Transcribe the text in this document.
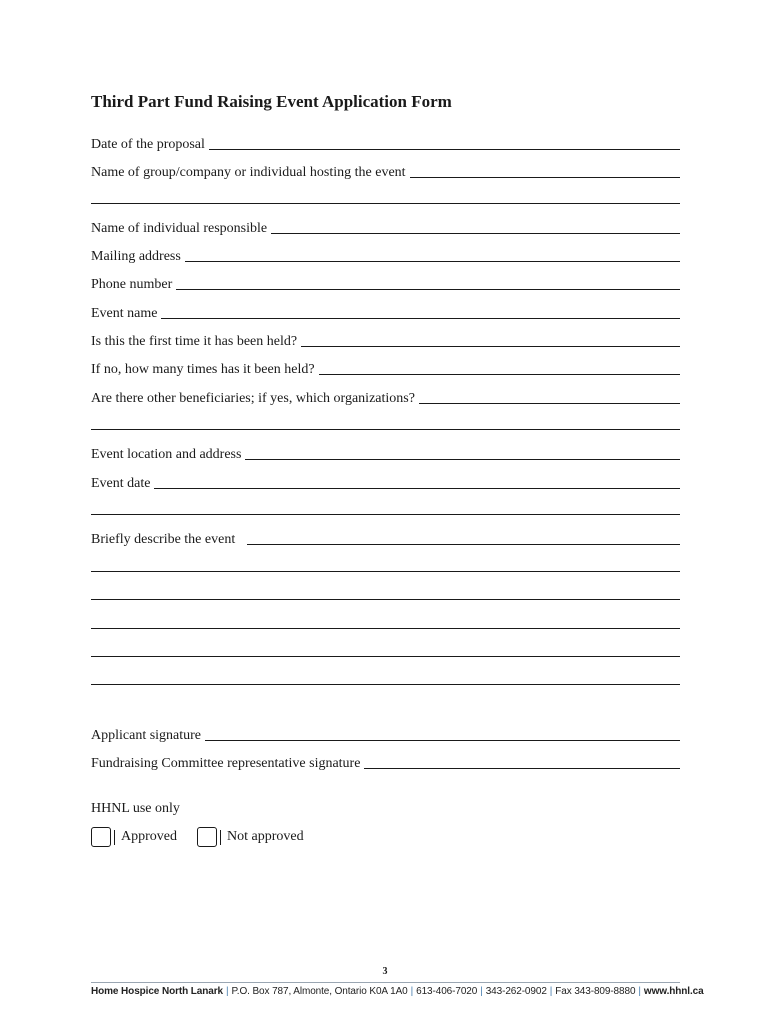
Third Part Fund Raising Event Application Form
Date of the proposal
Name of group/company or individual hosting the event
Name of individual responsible
Mailing address
Phone number
Event name
Is this the first time it has been held?
If no, how many times has it been held?
Are there other beneficiaries; if yes, which organizations?
Event location and address
Event date
Briefly describe the event
Applicant signature
Fundraising Committee representative signature
HHNL use only
Approved	Not approved
3
Home Hospice North Lanark | P.O. Box 787, Almonte, Ontario K0A 1A0 | 613-406-7020 | 343-262-0902 | Fax 343-809-8880 | www.hhnl.ca
